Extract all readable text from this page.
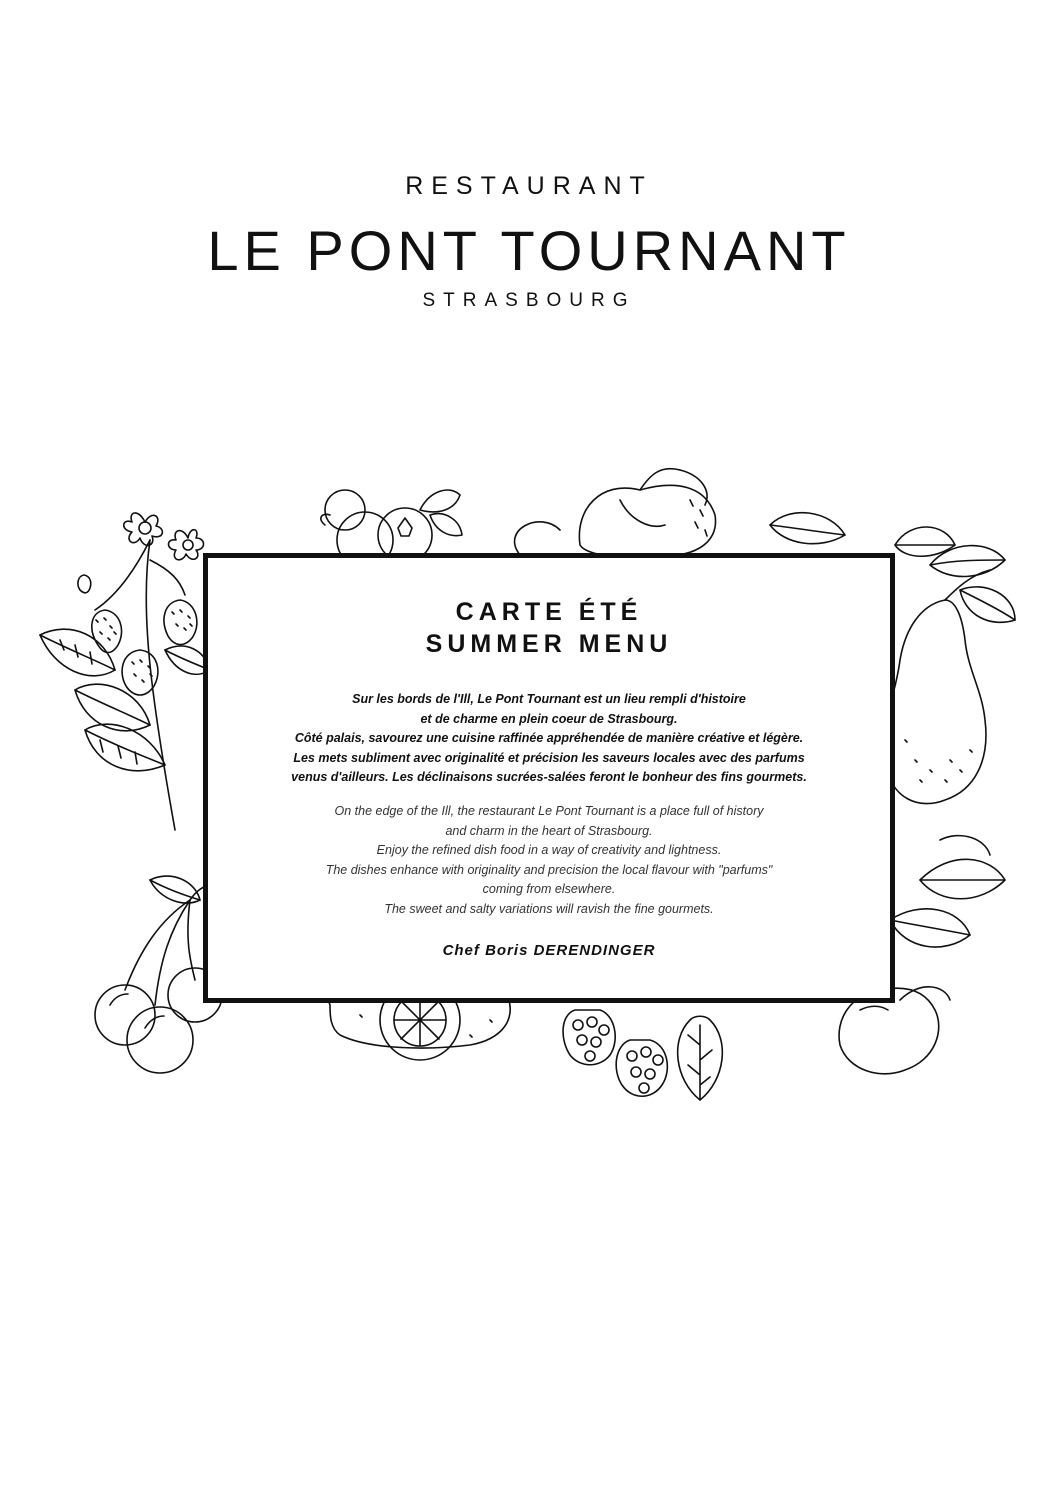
RESTAURANT
LE PONT TOURNANT
STRASBOURG
CARTE ÉTÉ
SUMMER MENU
Sur les bords de l'Ill, Le Pont Tournant est un lieu rempli d'histoire
et de charme en plein coeur de Strasbourg.
Côté palais, savourez une cuisine raffinée appréhendée de manière créative et légère.
Les mets subliment avec originalité et précision les saveurs locales avec des parfums
venus d'ailleurs. Les déclinaisons sucrées-salées feront le bonheur des fins gourmets.
On the edge of the Ill, the restaurant Le Pont Tournant is a place full of history
and charm in the heart of Strasbourg.
Enjoy the refined dish food in a way of creativity and lightness.
The dishes enhance with originality and precision the local flavour with "parfums"
coming from elsewhere.
The sweet and salty variations will ravish the fine gourmets.
Chef Boris DERENDINGER
